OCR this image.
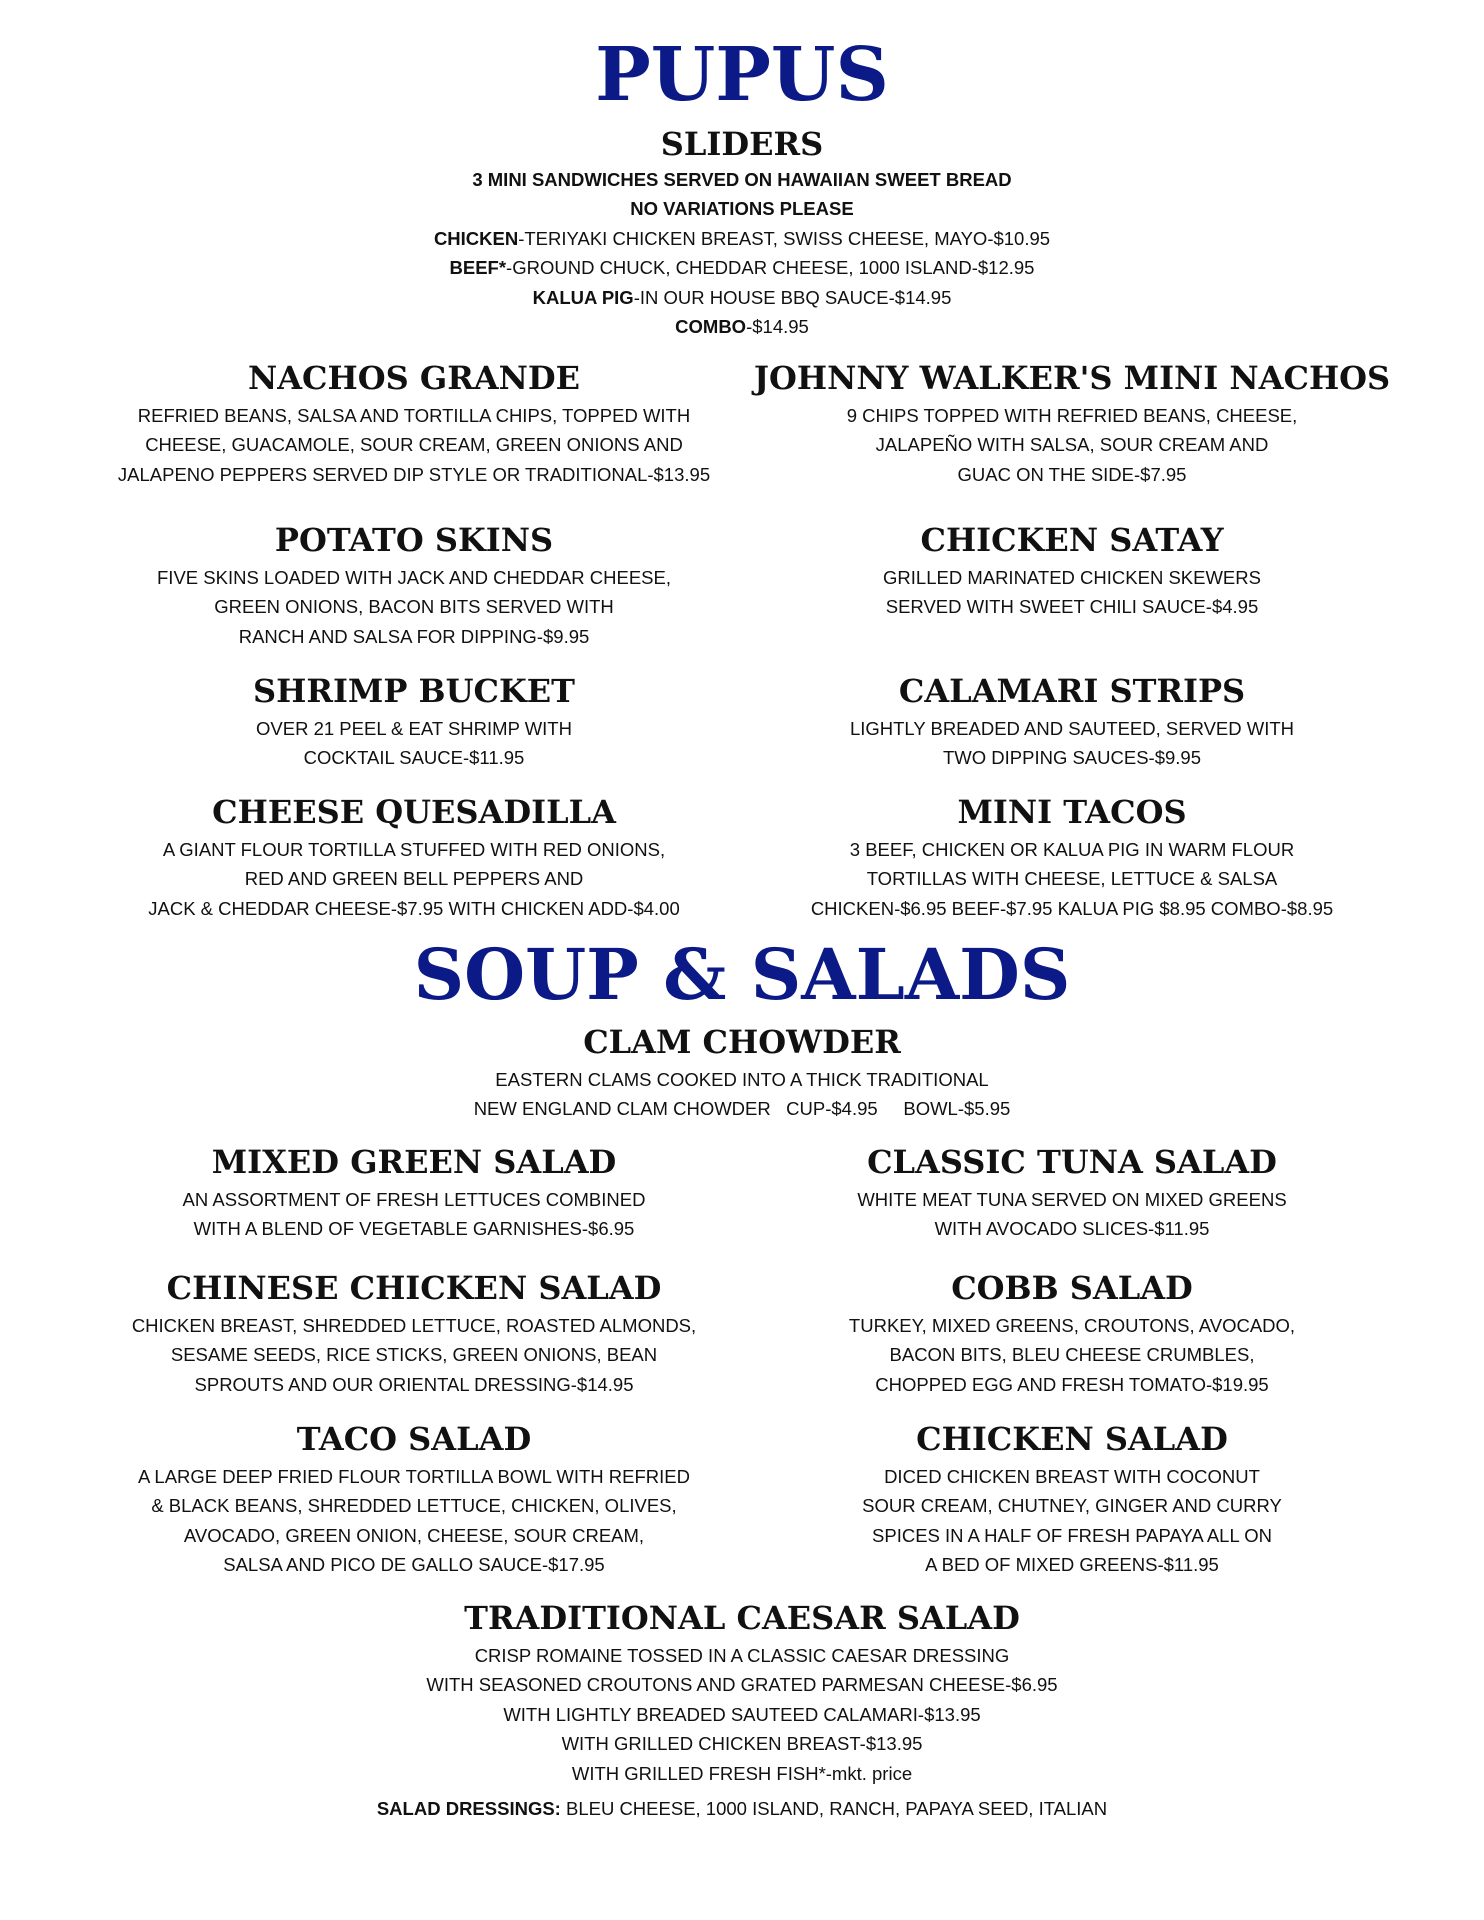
PUPUS
SLIDERS

3 MINI SANDWICHES SERVED ON HAWAIIAN SWEET BREAD

NO VARIATIONS PLEASE

CHICKEN-TERIYAKI CHICKEN BREAST, SWISS CHEESE, MAYO-$10.95

BEEF*-GROUND CHUCK, CHEDDAR CHEESE, 1000 ISLAND-$12.95

KALUA PIG-IN OUR HOUSE BBQ SAUCE-$14.95

COMBO-$14.95

NACHOS GRANDE

REFRIED BEANS, SALSA AND TORTILLA CHIPS, TOPPED WITH

CHEESE, GUACAMOLE, SOUR CREAM, GREEN ONIONS AND

JALAPENO PEPPERS SERVED DIP STYLE OR TRADITIONAL-$13.95

JOHNNY WALKER'S MINI NACHOS

9 CHIPS TOPPED WITH REFRIED BEANS, CHEESE,

JALAPEÑO WITH SALSA, SOUR CREAM AND

GUAC ON THE SIDE-$7.95

POTATO SKINS

FIVE SKINS LOADED WITH JACK AND CHEDDAR CHEESE,

GREEN ONIONS, BACON BITS SERVED WITH

RANCH AND SALSA FOR DIPPING-$9.95

CHICKEN SATAY

GRILLED MARINATED CHICKEN SKEWERS

SERVED WITH SWEET CHILI SAUCE-$4.95

SHRIMP BUCKET

OVER 21 PEEL & EAT SHRIMP WITH

COCKTAIL SAUCE-$11.95

CALAMARI STRIPS

LIGHTLY BREADED AND SAUTEED, SERVED WITH

TWO DIPPING SAUCES-$9.95

CHEESE QUESADILLA

A GIANT FLOUR TORTILLA STUFFED WITH RED ONIONS,

RED AND GREEN BELL PEPPERS AND

JACK & CHEDDAR CHEESE-$7.95 WITH CHICKEN ADD-$4.00

MINI TACOS

3 BEEF, CHICKEN OR KALUA PIG IN WARM FLOUR

TORTILLAS WITH CHEESE, LETTUCE & SALSA

CHICKEN-$6.95 BEEF-$7.95 KALUA PIG $8.95 COMBO-$8.95

SOUP & SALADS
CLAM CHOWDER

EASTERN CLAMS COOKED INTO A THICK TRADITIONAL

NEW ENGLAND CLAM CHOWDER   CUP-$4.95     BOWL-$5.95

MIXED GREEN SALAD

AN ASSORTMENT OF FRESH LETTUCES COMBINED

WITH A BLEND OF VEGETABLE GARNISHES-$6.95

CLASSIC TUNA SALAD

WHITE MEAT TUNA SERVED ON MIXED GREENS

WITH AVOCADO SLICES-$11.95

CHINESE CHICKEN SALAD

CHICKEN BREAST, SHREDDED LETTUCE, ROASTED ALMONDS,

SESAME SEEDS, RICE STICKS, GREEN ONIONS, BEAN

SPROUTS AND OUR ORIENTAL DRESSING-$14.95

COBB SALAD

TURKEY, MIXED GREENS, CROUTONS, AVOCADO,

BACON BITS, BLEU CHEESE CRUMBLES,

CHOPPED EGG AND FRESH TOMATO-$19.95

TACO SALAD

A LARGE DEEP FRIED FLOUR TORTILLA BOWL WITH REFRIED

& BLACK BEANS, SHREDDED LETTUCE, CHICKEN, OLIVES,

AVOCADO, GREEN ONION, CHEESE, SOUR CREAM,

SALSA AND PICO DE GALLO SAUCE-$17.95

CHICKEN SALAD

DICED CHICKEN BREAST WITH COCONUT

SOUR CREAM, CHUTNEY, GINGER AND CURRY

SPICES IN A HALF OF FRESH PAPAYA ALL ON

A BED OF MIXED GREENS-$11.95

TRADITIONAL CAESAR SALAD

CRISP ROMAINE TOSSED IN A CLASSIC CAESAR DRESSING

WITH SEASONED CROUTONS AND GRATED PARMESAN CHEESE-$6.95

WITH LIGHTLY BREADED SAUTEED CALAMARI-$13.95

WITH GRILLED CHICKEN BREAST-$13.95

WITH GRILLED FRESH FISH*-mkt. price

SALAD DRESSINGS: BLEU CHEESE, 1000 ISLAND, RANCH, PAPAYA SEED, ITALIAN
